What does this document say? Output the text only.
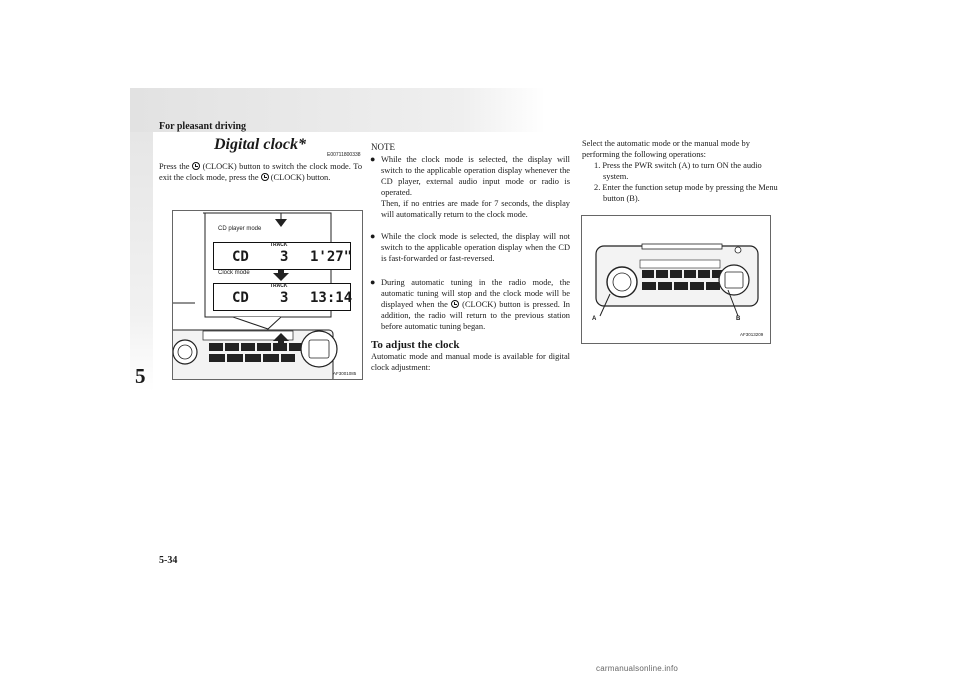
For pleasant driving
5
5-34
Digital clock*
E00711800338
Press the (CLOCK) button to switch the clock mode. To exit the clock mode, press the (CLOCK) button.
CD player mode
CD
TRACK
3 1'27"
Clock mode
CD
TRACK
3 13:14
AF3001085
NOTE
● While the clock mode is selected, the display will switch to the applicable operation display whenever the CD player, external audio input mode or radio is operated.
Then, if no entries are made for 7 seconds, the display will automatically return to the clock mode.
● While the clock mode is selected, the display will not switch to the applicable operation display when the CD is fast-forwarded or fast-reversed.
● During automatic tuning in the radio mode, the automatic tuning will stop and the clock mode will be displayed when the (CLOCK) button is pressed. In addition, the radio will return to the previous station before automatic tuning began.
To adjust the clock
Automatic mode and manual mode is available for digital clock adjustment:
Select the automatic mode or the manual mode by performing the following operations:
1. Press the PWR switch (A) to turn ON the audio system.
2. Enter the function setup mode by pressing the Menu button (B).
A	B
AF3013209
carmanualsonline.info
